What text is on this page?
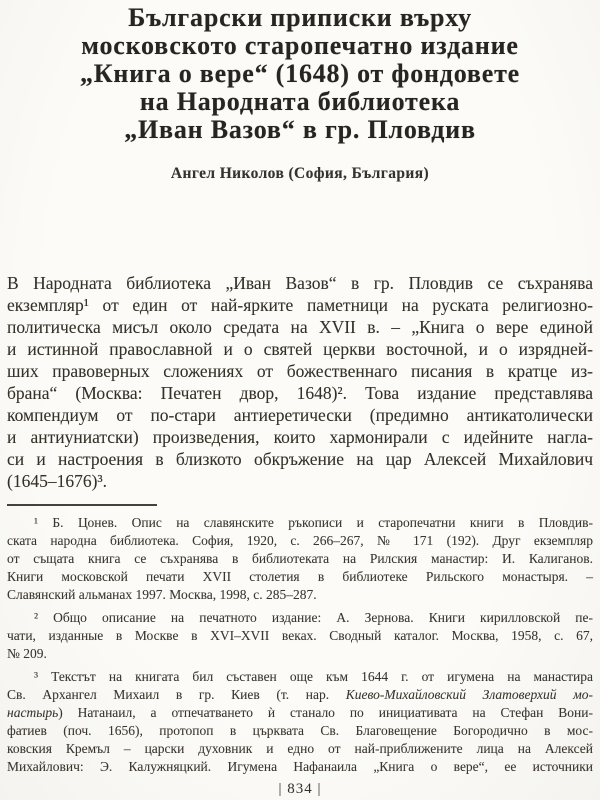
Български приписки върху
московското старопечатно издание
„Книга о вере“ (1648) от фондовете
на Народната библиотека
„Иван Вазов“ в гр. Пловдив
Ангел Николов (София, България)
В Народната библиотека „Иван Вазов“ в гр. Пловдив се съхранява
екземпляр¹ от един от най-ярките паметници на руската религиозно-
политическа мисъл около средата на XVII в. – „Книга о вере единой
и истинной православной и о святей церкви восточной, и о изрядней-
ших правоверных сложениях от божественнаго писания в кратце из-
брана“ (Москва: Печатен двор, 1648)². Това издание представлява
компендиум от по-стари антиеретически (предимно антикатолически
и антиуниатски) произведения, които хармонирали с идейните нагла-
си и настроения в близкото обкръжение на цар Алексей Михайлович
(1645–1676)³.
¹ Б. Цонев. Опис на славянските ръкописи и старопечатни книги в Пловдив-
ската народна библиотека. София, 1920, с. 266–267, № 171 (192). Друг екземпляр
от същата книга се съхранява в библиотеката на Рилския манастир: И. Калиганов.
Книги московской печати XVII столетия в библиотеке Рильского монастыря. –
Славянский альманах 1997. Москва, 1998, с. 285–287.
² Общо описание на печатното издание: А. Зернова. Книги кирилловской пе-
чати, изданные в Москве в XVI–XVII веках. Сводный каталог. Москва, 1958, с. 67,
№ 209.
³ Текстът на книгата бил съставен още към 1644 г. от игумена на манастира
Св. Архангел Михаил в гр. Киев (т. нар. Киево-Михайловский Златоверхий мо-
настырь) Натанаил, а отпечатването ѝ станало по инициативата на Стефан Вони-
фатиев (поч. 1656), протопоп в църквата Св. Благовещение Богородично в мос-
ковския Кремъл – царски духовник и едно от най-приближените лица на Алексей
Михайлович: Э. Калужняцкий. Игумена Нафанаила „Книга о вере“, ее источники
| 834 |
